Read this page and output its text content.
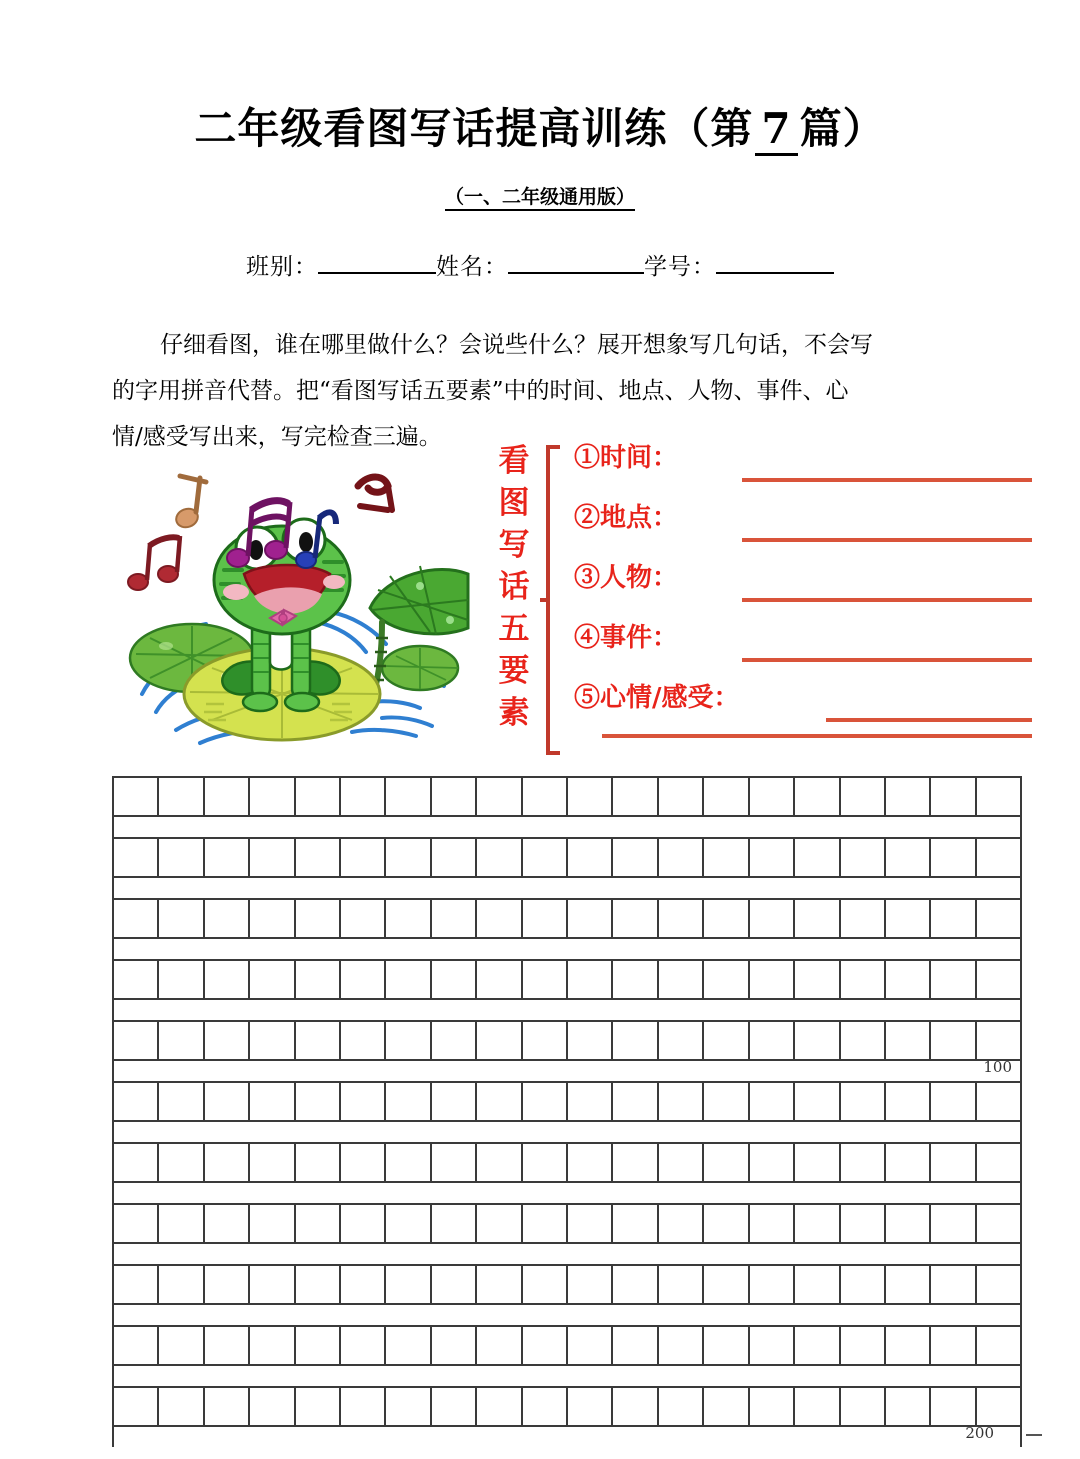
二年级看图写话提高训练（第 7 篇）
（一、二年级通用版）
班别：	姓名：	学号：

仔细看图，谁在哪里做什么？会说些什么？展开想象写几句话，不会写

的字用拼音代替。把“看图写话五要素”中的时间、地点、人物、事件、心

情/感受写出来，写完检查三遍。

看
图
写
话
五
要
素
①时间：
②地点：
③人物：
④事件：
⑤心情/感受：
100
200
